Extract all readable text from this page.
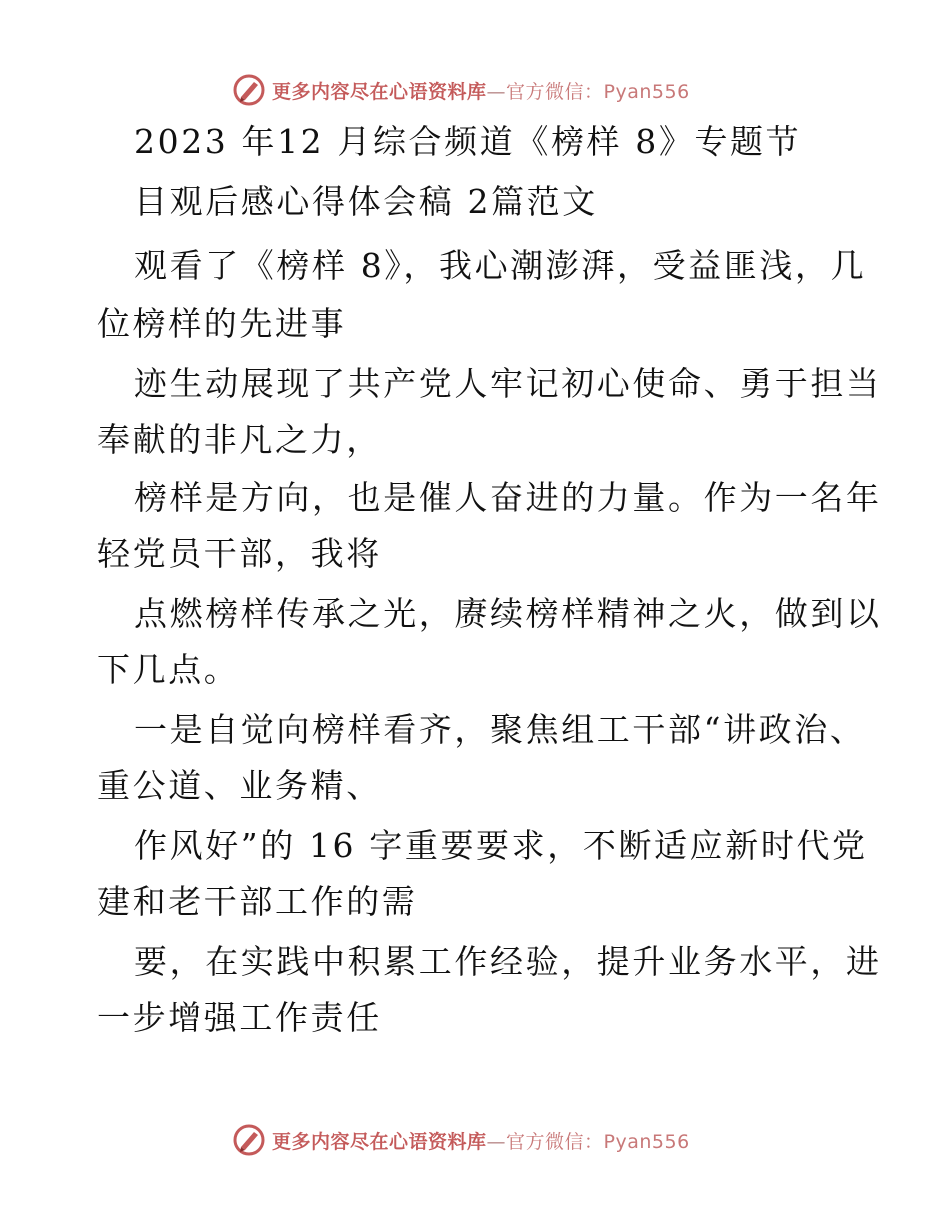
更多内容尽在心语资料库—官方微信：Pyan556
2023 年12 月综合频道《榜样 8》专题节
目观后感心得体会稿 2篇范文
观看了《榜样 8》，我心潮澎湃，受益匪浅，几
位榜样的先进事
迹生动展现了共产党人牢记初心使命、勇于担当
奉献的非凡之力，
榜样是方向，也是催人奋进的力量。作为一名年
轻党员干部，我将
点燃榜样传承之光，赓续榜样精神之火，做到以
下几点。
一是自觉向榜样看齐，聚焦组工干部“讲政治、
重公道、业务精、
作风好”的 16 字重要要求，不断适应新时代党
建和老干部工作的需
要，在实践中积累工作经验，提升业务水平，进
一步增强工作责任
更多内容尽在心语资料库—官方微信：Pyan556
